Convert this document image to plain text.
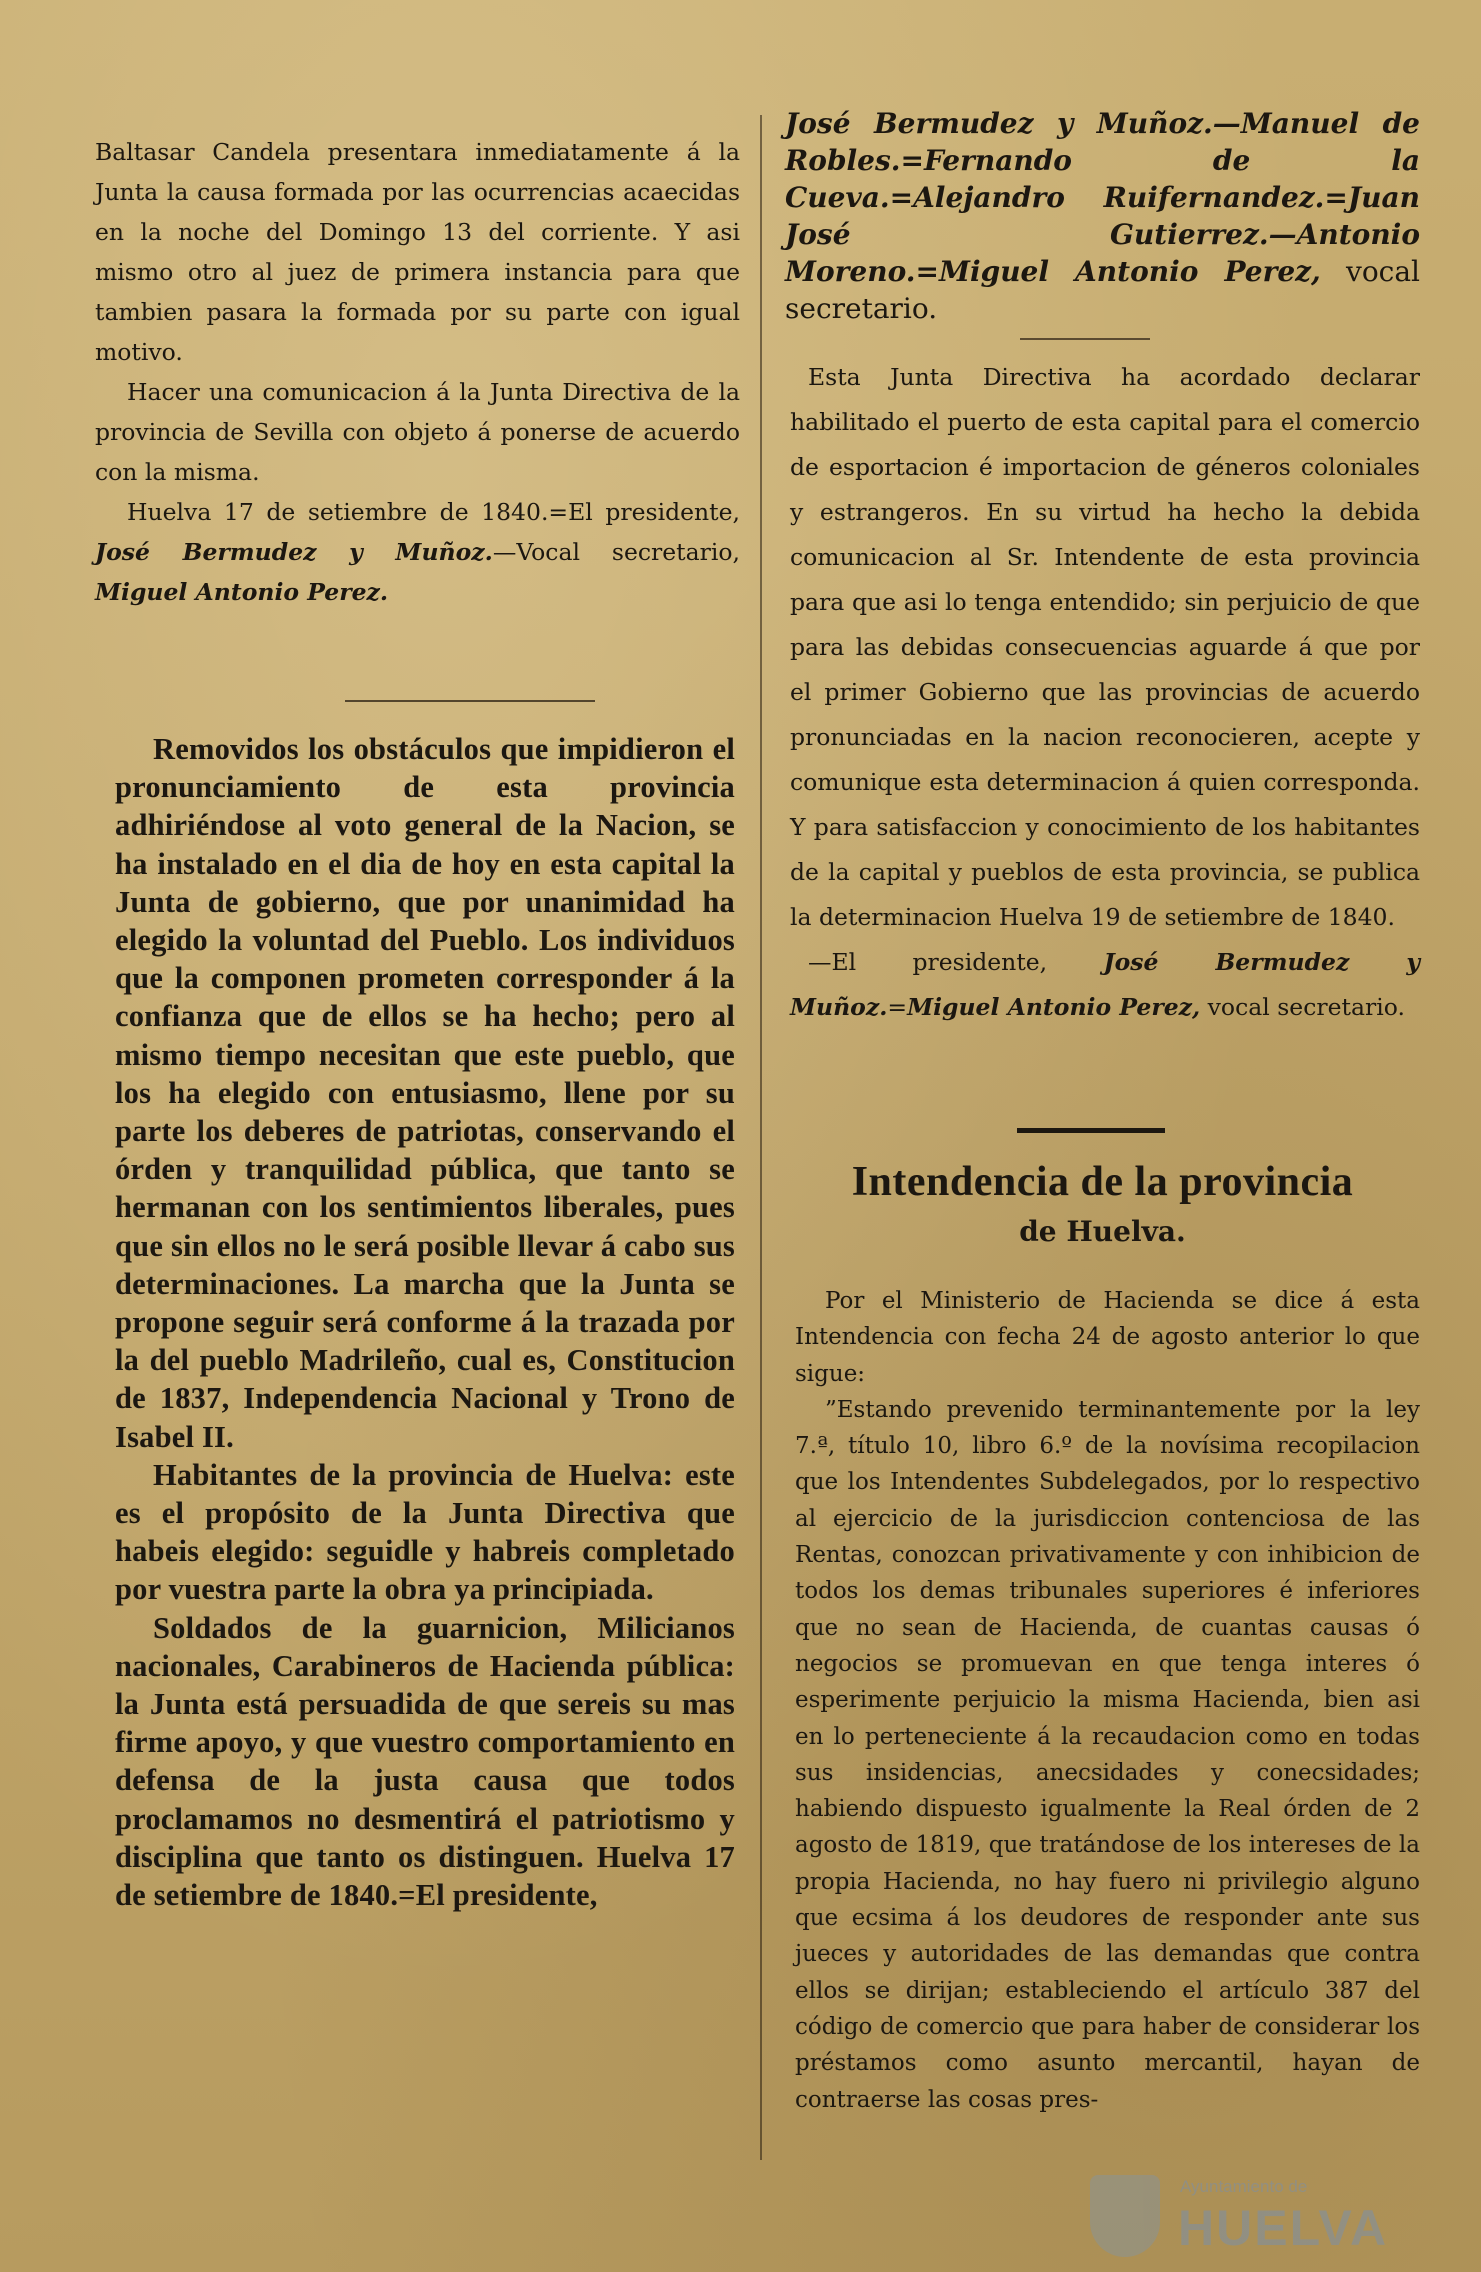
Baltasar Candela presentara inmediatamente á la Junta la causa formada por las ocurrencias acaecidas en la noche del Domingo 13 del corriente. Y asi mismo otro al juez de primera instancia para que tambien pasara la formada por su parte con igual motivo.

Hacer una comunicacion á la Junta Directiva de la provincia de Sevilla con objeto á ponerse de acuerdo con la misma.

Huelva 17 de setiembre de 1840.=El presidente, José Bermudez y Muñoz.—Vocal secretario, Miguel Antonio Perez.

Removidos los obstáculos que impidieron el pronunciamiento de esta provincia adhiriéndose al voto general de la Nacion, se ha instalado en el dia de hoy en esta capital la Junta de gobierno, que por unanimidad ha elegido la voluntad del Pueblo. Los individuos que la componen prometen corresponder á la confianza que de ellos se ha hecho; pero al mismo tiempo necesitan que este pueblo, que los ha elegido con entusiasmo, llene por su parte los deberes de patriotas, conservando el órden y tranquilidad pública, que tanto se hermanan con los sentimientos liberales, pues que sin ellos no le será posible llevar á cabo sus determinaciones. La marcha que la Junta se propone seguir será conforme á la trazada por la del pueblo Madrileño, cual es, Constitucion de 1837, Independencia Nacional y Trono de Isabel II.

Habitantes de la provincia de Huelva: este es el propósito de la Junta Directiva que habeis elegido: seguidle y habreis completado por vuestra parte la obra ya principiada.

Soldados de la guarnicion, Milicianos nacionales, Carabineros de Hacienda pública: la Junta está persuadida de que sereis su mas firme apoyo, y que vuestro comportamiento en defensa de la justa causa que todos proclamamos no desmentirá el patriotismo y disciplina que tanto os distinguen. Huelva 17 de setiembre de 1840.=El presidente,

José Bermudez y Muñoz.—Manuel de Robles.=Fernando de la Cueva.=Alejandro Ruifernandez.=Juan José Gutierrez.—Antonio Moreno.=Miguel Antonio Perez, vocal secretario.

Esta Junta Directiva ha acordado declarar habilitado el puerto de esta capital para el comercio de esportacion é importacion de géneros coloniales y estrangeros. En su virtud ha hecho la debida comunicacion al Sr. Intendente de esta provincia para que asi lo tenga entendido; sin perjuicio de que para las debidas consecuencias aguarde á que por el primer Gobierno que las provincias de acuerdo pronunciadas en la nacion reconocieren, acepte y comunique esta determinacion á quien corresponda. Y para satisfaccion y conocimiento de los habitantes de la capital y pueblos de esta provincia, se publica la determinacion Huelva 19 de setiembre de 1840.

—El presidente, José Bermudez y Muñoz.=Miguel Antonio Perez, vocal secretario.

Intendencia de la provincia
de Huelva.

Por el Ministerio de Hacienda se dice á esta Intendencia con fecha 24 de agosto anterior lo que sigue:

”Estando prevenido terminantemente por la ley 7.ª, título 10, libro 6.º de la novísima recopilacion que los Intendentes Subdelegados, por lo respectivo al ejercicio de la jurisdiccion contenciosa de las Rentas, conozcan privativamente y con inhibicion de todos los demas tribunales superiores é inferiores que no sean de Hacienda, de cuantas causas ó negocios se promuevan en que tenga interes ó esperimente perjuicio la misma Hacienda, bien asi en lo perteneciente á la recaudacion como en todas sus insidencias, anecsidades y conecsidades; habiendo dispuesto igualmente la Real órden de 2 agosto de 1819, que tratándose de los intereses de la propia Hacienda, no hay fuero ni privilegio alguno que ecsima á los deudores de responder ante sus jueces y autoridades de las demandas que contra ellos se dirijan; estableciendo el artículo 387 del código de comercio que para haber de considerar los préstamos como asunto mercantil, hayan de contraerse las cosas pres-

Ayuntamiento de
HUELVA
